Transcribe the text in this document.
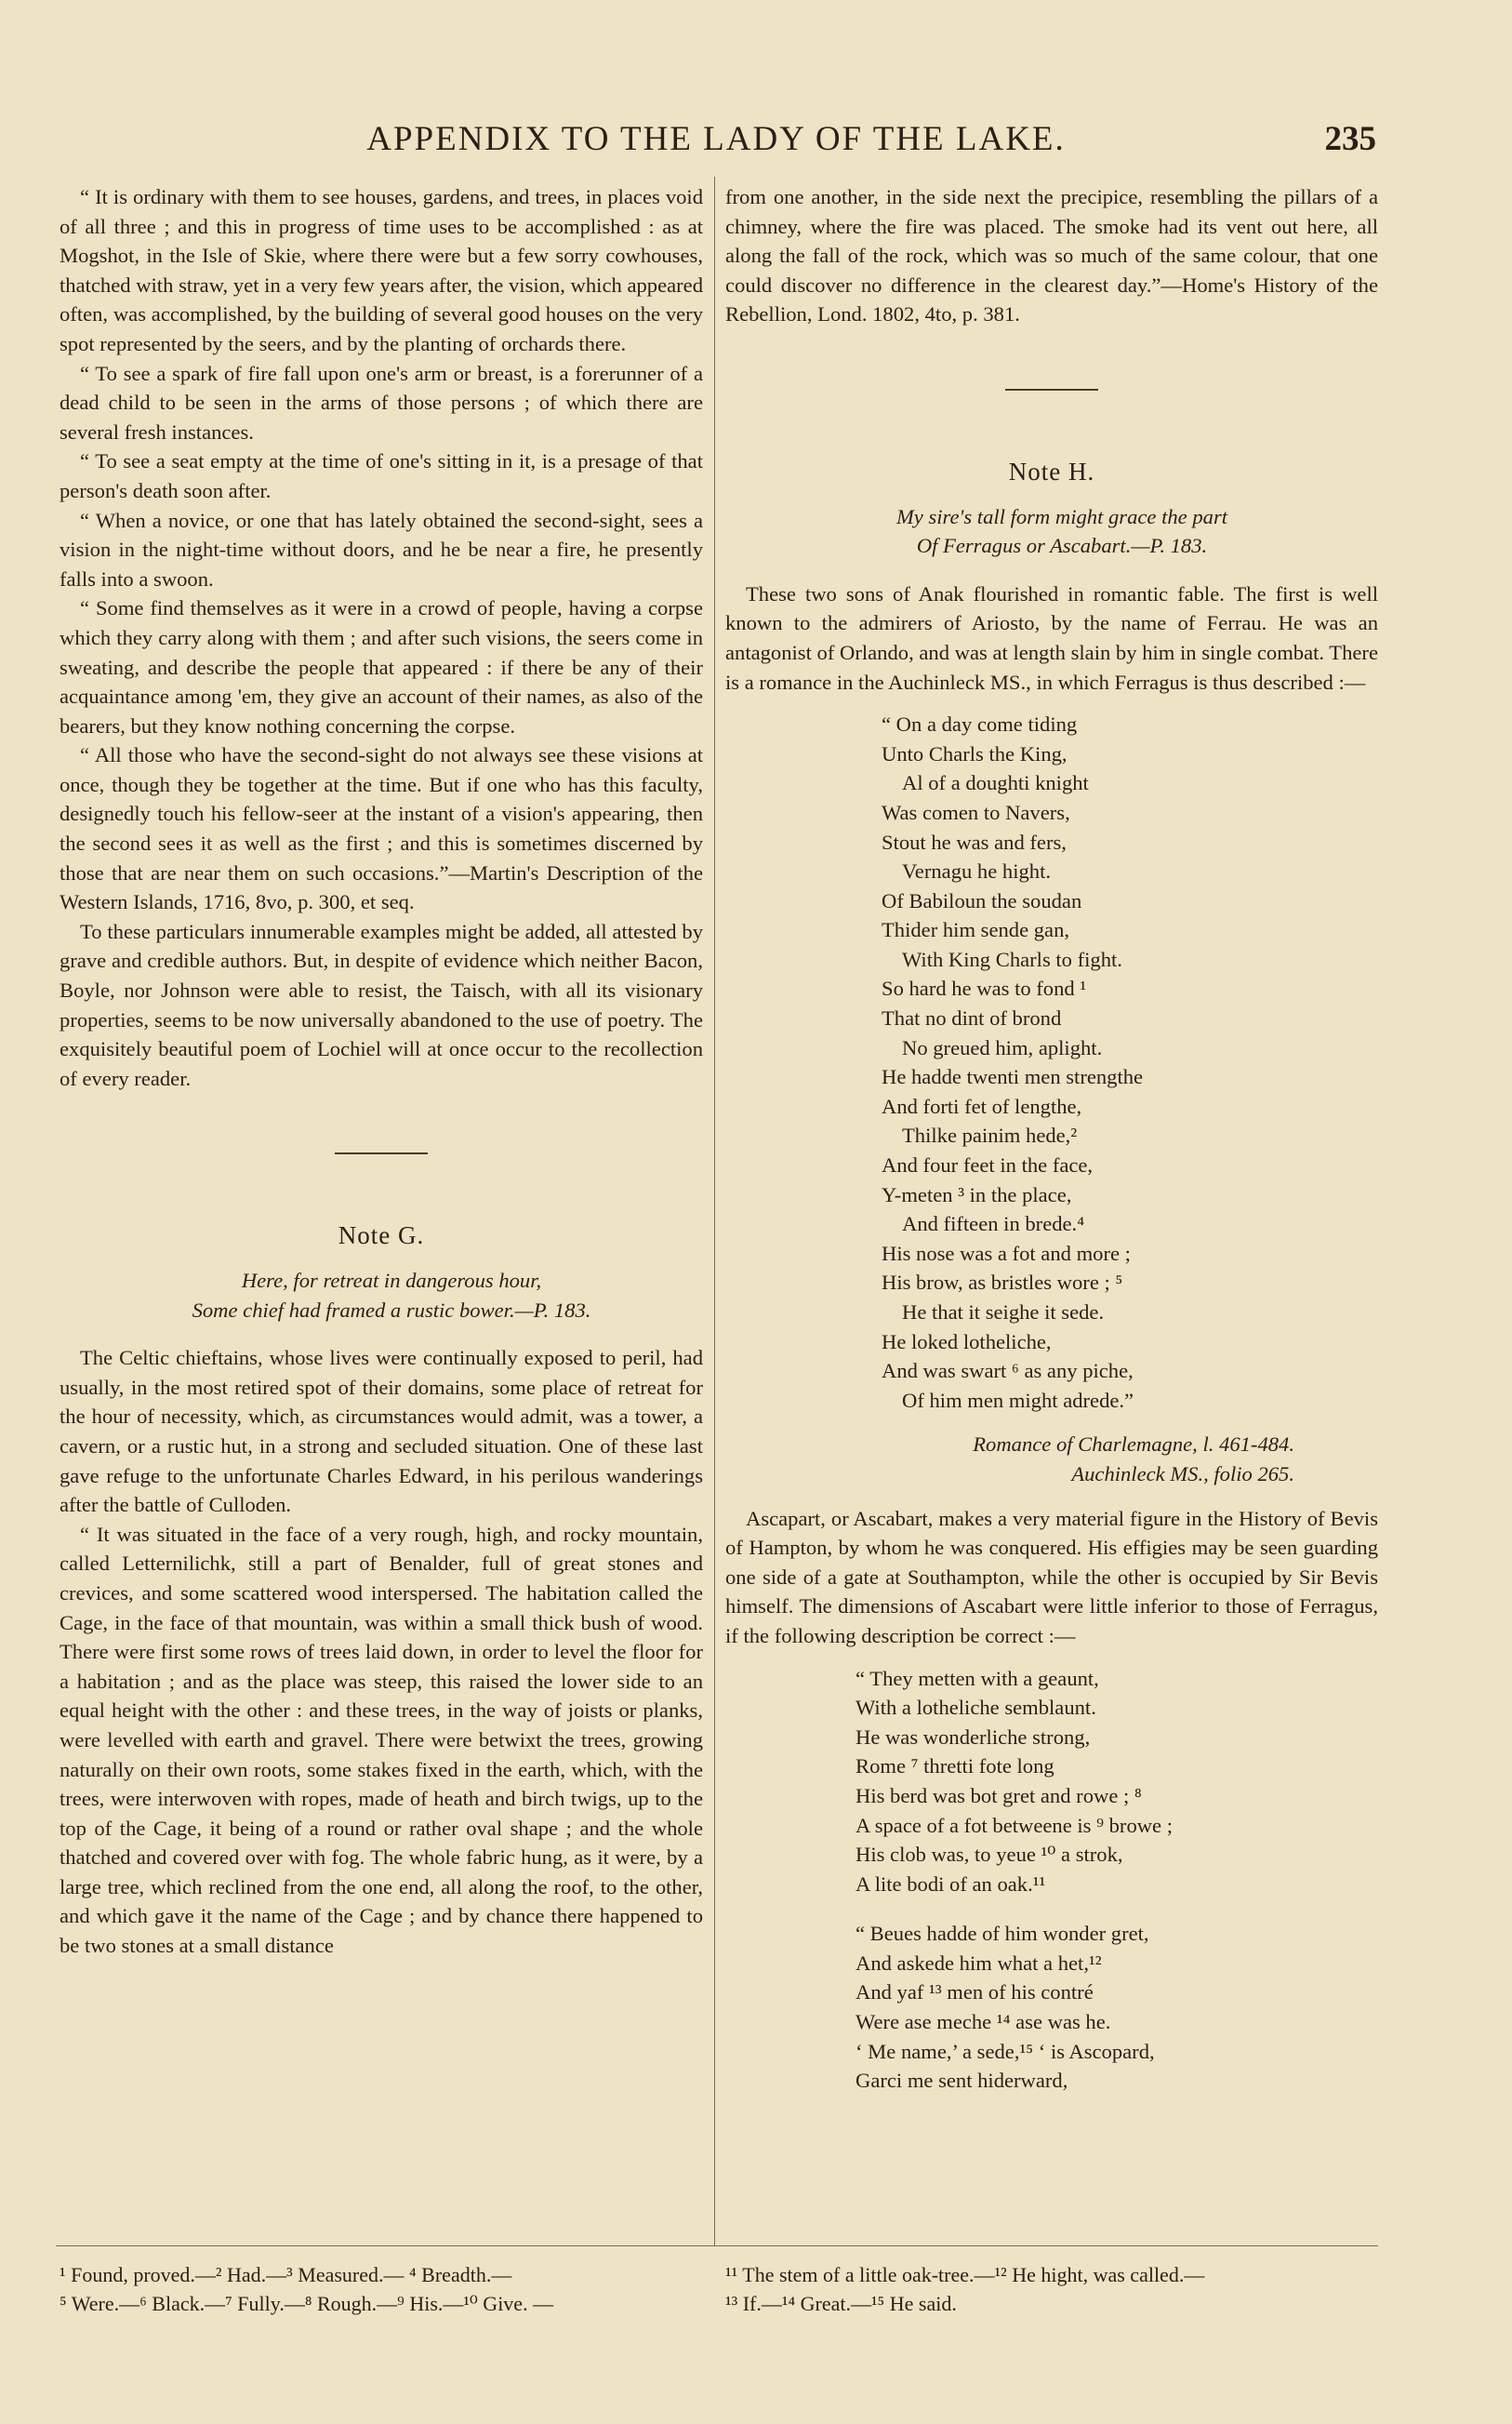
APPENDIX TO THE LADY OF THE LAKE.	235

“ It is ordinary with them to see houses, gardens, and trees, in places void of all three ; and this in progress of time uses to be accomplished : as at Mogshot, in the Isle of Skie, where there were but a few sorry cowhouses, thatched with straw, yet in a very few years after, the vision, which appeared often, was accomplished, by the building of several good houses on the very spot represented by the seers, and by the planting of orchards there.

“ To see a spark of fire fall upon one's arm or breast, is a forerunner of a dead child to be seen in the arms of those persons ; of which there are several fresh instances.

“ To see a seat empty at the time of one's sitting in it, is a presage of that person's death soon after.

“ When a novice, or one that has lately obtained the second-sight, sees a vision in the night-time without doors, and he be near a fire, he presently falls into a swoon.

“ Some find themselves as it were in a crowd of people, having a corpse which they carry along with them ; and after such visions, the seers come in sweating, and describe the people that appeared : if there be any of their acquaintance among 'em, they give an account of their names, as also of the bearers, but they know nothing concerning the corpse.

“ All those who have the second-sight do not always see these visions at once, though they be together at the time. But if one who has this faculty, designedly touch his fellow-seer at the instant of a vision's appearing, then the second sees it as well as the first ; and this is sometimes discerned by those that are near them on such occasions.”—Martin's Description of the Western Islands, 1716, 8vo, p. 300, et seq.

To these particulars innumerable examples might be added, all attested by grave and credible authors. But, in despite of evidence which neither Bacon, Boyle, nor Johnson were able to resist, the Taisch, with all its visionary properties, seems to be now universally abandoned to the use of poetry. The exquisitely beautiful poem of Lochiel will at once occur to the recollection of every reader.

Note G.

Here, for retreat in dangerous hour,

Some chief had framed a rustic bower.—P. 183.

The Celtic chieftains, whose lives were continually exposed to peril, had usually, in the most retired spot of their domains, some place of retreat for the hour of necessity, which, as circumstances would admit, was a tower, a cavern, or a rustic hut, in a strong and secluded situation. One of these last gave refuge to the unfortunate Charles Edward, in his perilous wanderings after the battle of Culloden.

“ It was situated in the face of a very rough, high, and rocky mountain, called Letternilichk, still a part of Benalder, full of great stones and crevices, and some scattered wood interspersed. The habitation called the Cage, in the face of that mountain, was within a small thick bush of wood. There were first some rows of trees laid down, in order to level the floor for a habitation ; and as the place was steep, this raised the lower side to an equal height with the other : and these trees, in the way of joists or planks, were levelled with earth and gravel. There were betwixt the trees, growing naturally on their own roots, some stakes fixed in the earth, which, with the trees, were interwoven with ropes, made of heath and birch twigs, up to the top of the Cage, it being of a round or rather oval shape ; and the whole thatched and covered over with fog. The whole fabric hung, as it were, by a large tree, which reclined from the one end, all along the roof, to the other, and which gave it the name of the Cage ; and by chance there happened to be two stones at a small distance

from one another, in the side next the precipice, resembling the pillars of a chimney, where the fire was placed. The smoke had its vent out here, all along the fall of the rock, which was so much of the same colour, that one could discover no difference in the clearest day.”—Home's History of the Rebellion, Lond. 1802, 4to, p. 381.

Note H.

My sire's tall form might grace the part

Of Ferragus or Ascabart.—P. 183.

These two sons of Anak flourished in romantic fable. The first is well known to the admirers of Ariosto, by the name of Ferrau. He was an antagonist of Orlando, and was at length slain by him in single combat. There is a romance in the Auchinleck MS., in which Ferragus is thus described :—

“ On a day come tiding
Unto Charls the King,
Al of a doughti knight
Was comen to Navers,
Stout he was and fers,
Vernagu he hight.
Of Babiloun the soudan
Thider him sende gan,
With King Charls to fight.
So hard he was to fond ¹
That no dint of brond
No greued him, aplight.
He hadde twenti men strengthe
And forti fet of lengthe,
Thilke painim hede,²
And four feet in the face,
Y-meten ³ in the place,
And fifteen in brede.⁴
His nose was a fot and more ;
His brow, as bristles wore ; ⁵
He that it seighe it sede.
He loked lotheliche,
And was swart ⁶ as any piche,
Of him men might adrede.”
Romance of Charlemagne, l. 461-484.
Auchinleck MS., folio 265.

Ascapart, or Ascabart, makes a very material figure in the History of Bevis of Hampton, by whom he was conquered. His effigies may be seen guarding one side of a gate at Southampton, while the other is occupied by Sir Bevis himself. The dimensions of Ascabart were little inferior to those of Ferragus, if the following description be correct :—

“ They metten with a geaunt,
With a lotheliche semblaunt.
He was wonderliche strong,
Rome ⁷ thretti fote long
His berd was bot gret and rowe ; ⁸
A space of a fot betweene is ⁹ browe ;
His clob was, to yeue ¹⁰ a strok,
A lite bodi of an oak.¹¹
“ Beues hadde of him wonder gret,
And askede him what a het,¹²
And yaf ¹³ men of his contré
Were ase meche ¹⁴ ase was he.
‘ Me name,’ a sede,¹⁵ ‘ is Ascopard,
Garci me sent hiderward,
¹ Found, proved.—² Had.—³ Measured.— ⁴ Breadth.—
⁵ Were.—⁶ Black.—⁷ Fully.—⁸ Rough.—⁹ His.—¹⁰ Give. —
¹¹ The stem of a little oak-tree.—¹² He hight, was called.—
¹³ If.—¹⁴ Great.—¹⁵ He said.
